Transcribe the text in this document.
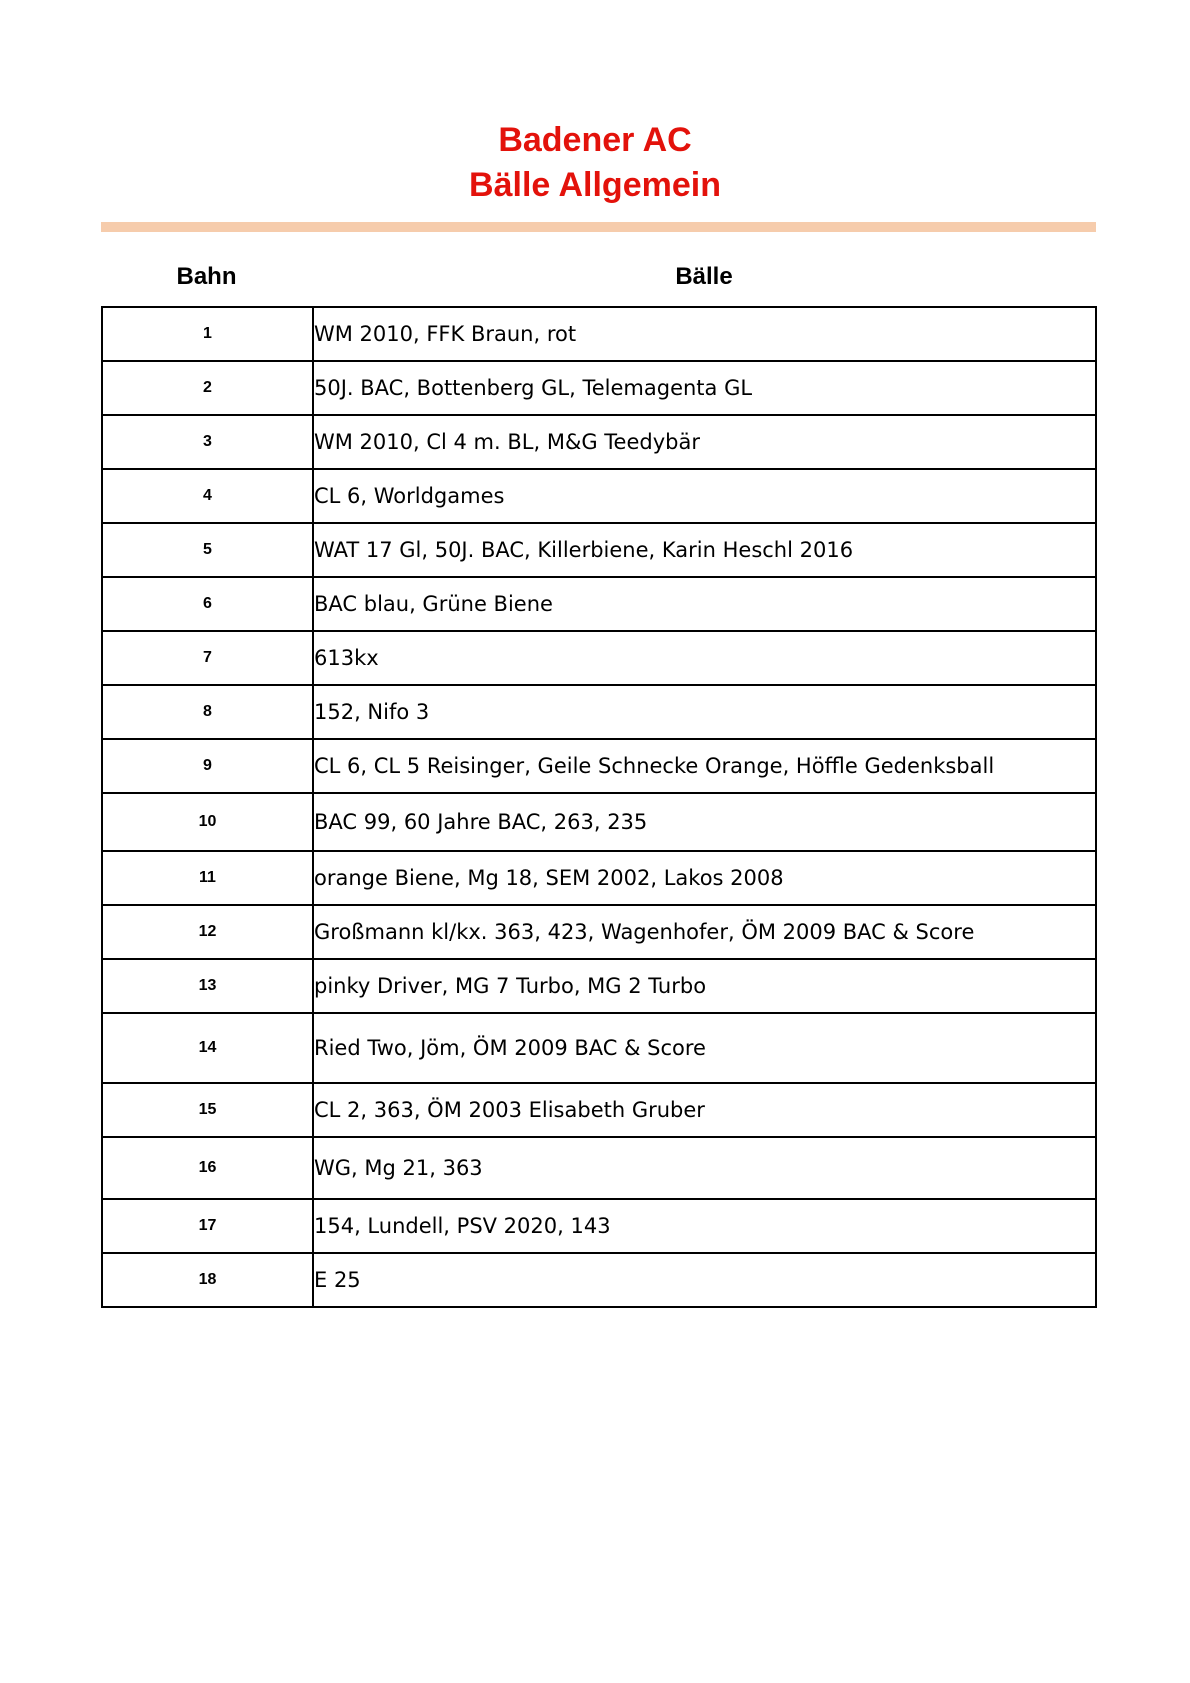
Badener AC
Bälle Allgemein
Bahn	Bälle
1	WM 2010, FFK Braun, rot
2	50J. BAC, Bottenberg GL, Telemagenta GL
3	WM 2010, Cl 4 m. BL, M&G Teedybär
4	CL 6, Worldgames
5	WAT 17 Gl, 50J. BAC, Killerbiene, Karin Heschl 2016
6	BAC blau, Grüne Biene
7	613kx
8	152, Nifo 3
9	CL 6, CL 5 Reisinger, Geile Schnecke Orange, Höffle Gedenksball
10	BAC 99, 60 Jahre BAC, 263, 235
11	orange Biene, Mg 18, SEM 2002, Lakos 2008
12	Großmann kl/kx. 363, 423, Wagenhofer, ÖM 2009 BAC & Score
13	pinky Driver, MG 7 Turbo, MG 2 Turbo
14	Ried Two, Jöm, ÖM 2009 BAC & Score
15	CL 2, 363, ÖM 2003 Elisabeth Gruber
16	WG, Mg 21, 363
17	154, Lundell, PSV 2020, 143
18	E 25
